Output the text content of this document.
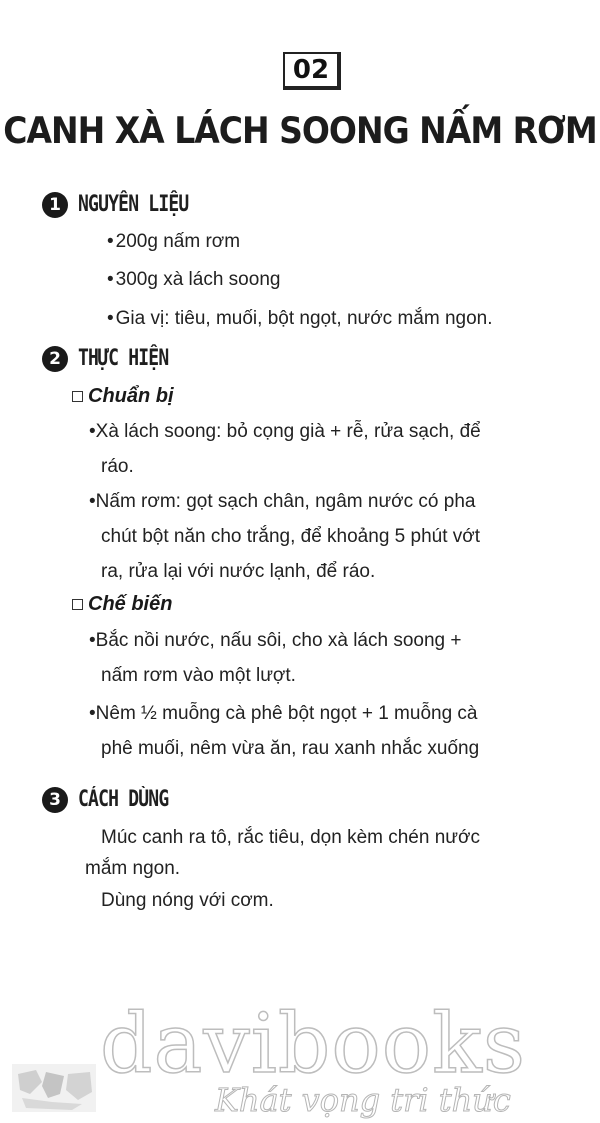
02
CANH XÀ LÁCH SOONG NẤM RƠM
1 NGUYÊN LIỆU
• 200g nấm rơm
• 300g xà lách soong
• Gia vị: tiêu, muối, bột ngọt, nước mắm ngon.
2 THỰC HIỆN
Chuẩn bị
•Xà lách soong: bỏ cọng già + rễ, rửa sạch, để
ráo.
•Nấm rơm: gọt sạch chân, ngâm nước có pha
chút bột năn cho trắng, để khoảng 5 phút vớt
ra, rửa lại với nước lạnh, để ráo.
Chế biến
•Bắc nồi nước, nấu sôi, cho xà lách soong +
nấm rơm vào một lượt.
•Nêm ½ muỗng cà phê bột ngọt + 1 muỗng cà
phê muối, nêm vừa ăn, rau xanh nhắc xuống
3 CÁCH DÙNG
Múc canh ra tô, rắc tiêu, dọn kèm chén nước
mắm ngon.
Dùng nóng với cơm.
davibooks
Khát vọng tri thức
